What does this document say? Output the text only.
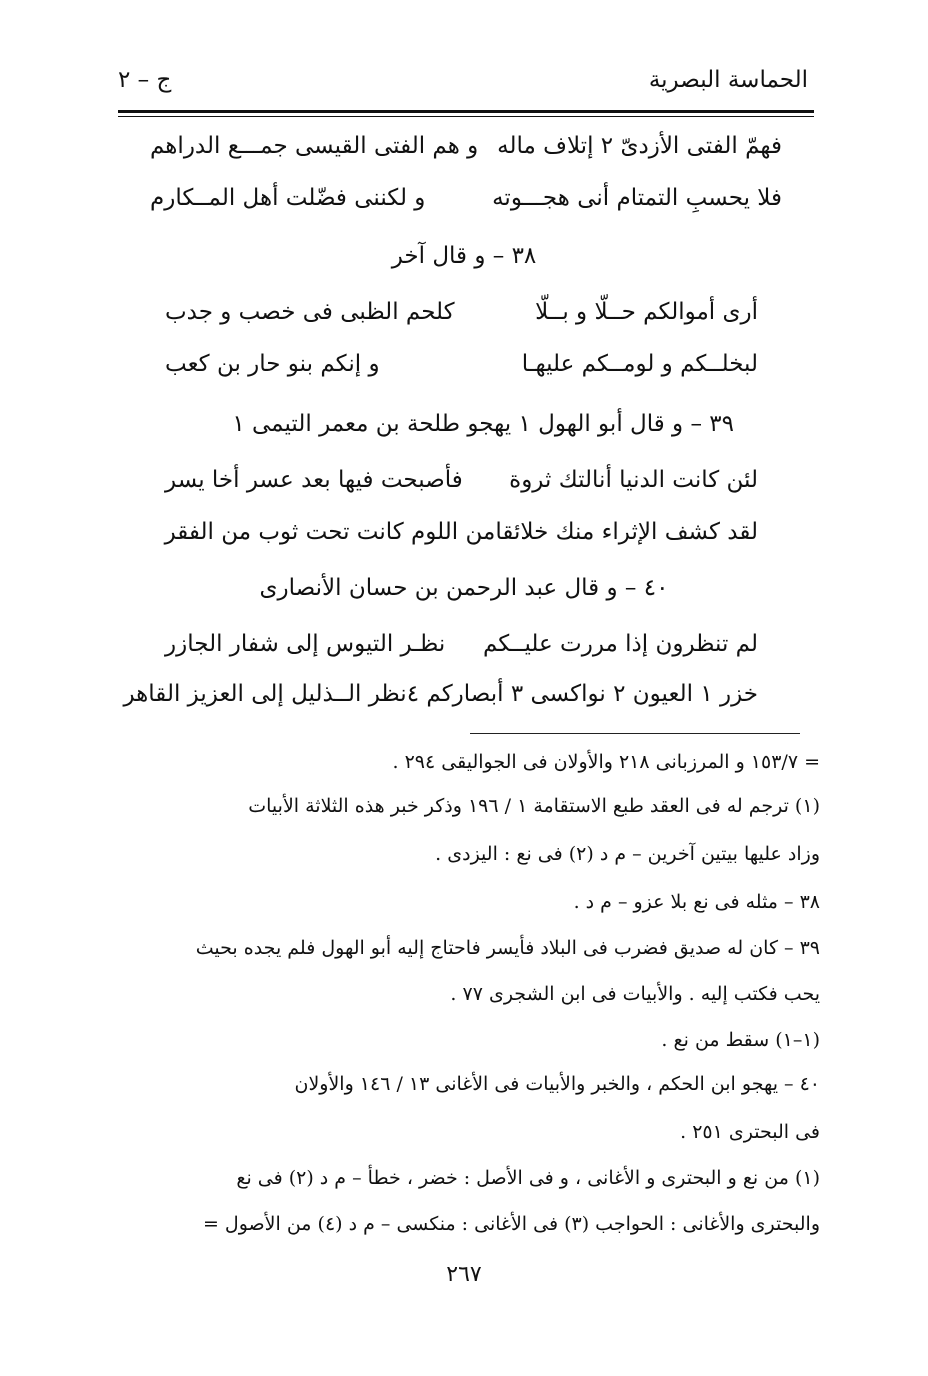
الحماسة البصرية
ج – ٢
فهمّ الفتى الأزدىّ ٢ إتلاف ماله
و هم الفتى القيسى جمـــع الدراهم
فلا يحسبِ التمتام أنى هجـــوته
و لكننى فضّلت أهل المــكارم
٣٨ – و قال آخر
أرى أموالكم حــلّا و بــلّا
كلحم الظبى فى خصب و جدب
لبخلــكم و لومــكم عليهـا
و إنكم بنو حار بن كعب
٣٩ – و قال أبو الهول ١ يهجو طلحة بن معمر التيمى ١
لئن كانت الدنيا أنالتك ثروة
فأصبحت فيها بعد عسر أخا يسر
لقد كشف الإثراء منك خلائقا
من اللوم كانت تحت ثوب من الفقر
٤٠ – و قال عبد الرحمن بن حسان الأنصارى
لم تنظرون إذا مررت عليــكم
نظـر التيوس إلى شفار الجازر
خزر ١ العيون ٢ نواكسى ٣ أبصاركم ٤
نظر الــذليل إلى العزيز القاهر
= ١٥٣/٧ و المرزبانى ٢١٨ والأولان فى الجواليقى ٢٩٤ .
(١) ترجم له فى العقد طبع الاستقامة ١ / ١٩٦ وذكر خبر هذه الثلاثة الأبيات
وزاد عليها بيتين آخرين – م د (٢) فى نع : اليزدى .
٣٨ – مثله فى نع بلا عزو – م د .
٣٩ – كان له صديق فضرب فى البلاد فأيسر فاحتاج إليه أبو الهول فلم يجده بحيث
يحب فكتب إليه . والأبيات فى ابن الشجرى ٧٧ .
(١–١) سقط من نع .
٤٠ – يهجو ابن الحكم ، والخبر والأبيات فى الأغانى ١٣ / ١٤٦ والأولان
فى البحترى ٢٥١ .
(١) من نع و البحترى و الأغانى ، و فى الأصل : خضر ، خطأ – م د (٢) فى نع
والبحترى والأغانى : الحواجب (٣) فى الأغانى : منكسى – م د (٤) من الأصول =
٢٦٧
